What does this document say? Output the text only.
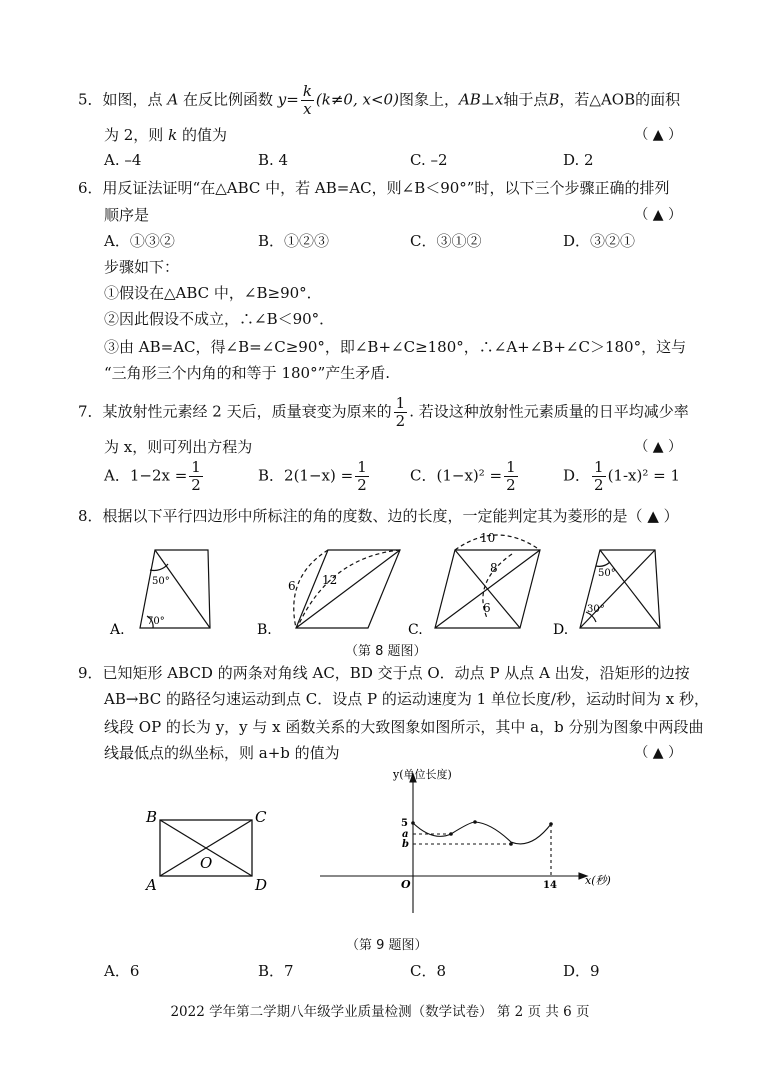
5．如图，点 A 在反比例函数 $y= \frac{k}{x} (k\ne 0$, x<0)图象上，AB⊥x轴于点B，若△AOB的面积
为 2，则 k 的值为	（ ▲ ）
A. –4	B. 4	C. –2	D. 2
6．用反证法证明“在△ABC 中，若 AB=AC，则∠B＜90°”时，以下三个步骤正确的排列
顺序是	（ ▲ ）
A．①③②	B．①②③	C．③①②	D．③②①
步骤如下：
①假设在△ABC 中，∠B≥90°．
②因此假设不成立，∴∠B＜90°．
③由 AB=AC，得∠B=∠C≥90°，即∠B+∠C≥180°，∴∠A+∠B+∠C＞180°，这与
“三角形三个内角的和等于 180°”产生矛盾.
7．某放射性元素经 2 天后，质量衰变为原来的 $\frac{1}{2}$ . 若设这种放射性元素质量的日平均减少率
为 x，则可列出方程为	（ ▲ ）
A．$1-2x = \frac{1}{2}$	B．$2(1-x) = \frac{1}{2}$	C．$(1-x)^2 = \frac{1}{2}$	D． $\frac{1}{2} (1-x)^2 = 1$
8．根据以下平行四边形中所标注的角的度数、边的长度，一定能判定其为菱形的是（ ▲ ）
50°
70°
A.
6 12
B.
10
8
6
C.
50°
30°
D.
（第 8 题图）
9．已知矩形 ABCD 的两条对角线 AC，BD 交于点 O．动点 P 从点 A 出发，沿矩形的边按
AB→BC 的路径匀速运动到点 C．设点 P 的运动速度为 1 单位长度/秒，运动时间为 x 秒，
线段 OP 的长为 y，y 与 x 函数关系的大致图象如图所示，其中 a，b 分别为图象中两段曲
线最低点的纵坐标，则 a+b 的值为	（ ▲ ）
B	C
A	D
O
y(单位长度)
x(秒)
O
5
a
b
14
（第 9 题图）
A．6	B．7	C．8	D．9
2022 学年第二学期八年级学业质量检测（数学试卷） 第 2 页 共 6 页
